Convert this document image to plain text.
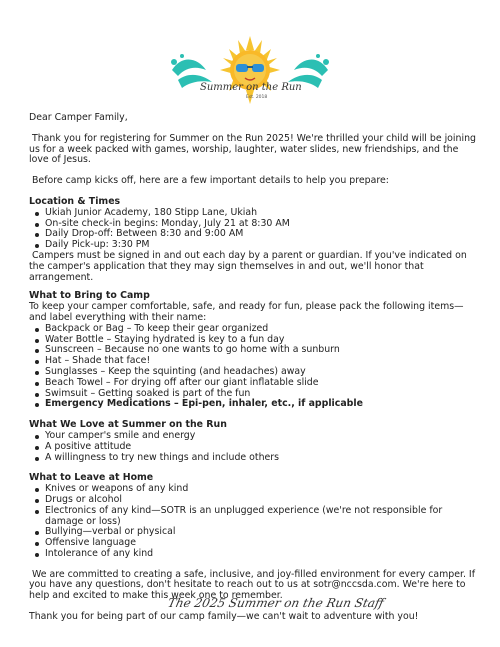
Summer on the Run
Est. 2018

Dear Camper Family,

Thank you for registering for Summer on the Run 2025! We're thrilled your child will be joining us for a week packed with games, worship, laughter, water slides, new friendships, and the love of Jesus.

Before camp kicks off, here are a few important details to help you prepare:

Location & Times

Ukiah Junior Academy, 180 Stipp Lane, Ukiah
On-site check-in begins: Monday, July 21 at 8:30 AM
Daily Drop-off: Between 8:30 and 9:00 AM
Daily Pick-up: 3:30 PM

Campers must be signed in and out each day by a parent or guardian. If you've indicated on the camper's application that they may sign themselves in and out, we'll honor that arrangement.

What to Bring to Camp

To keep your camper comfortable, safe, and ready for fun, please pack the following items—and label everything with their name:

Backpack or Bag – To keep their gear organized
Water Bottle – Staying hydrated is key to a fun day
Sunscreen – Because no one wants to go home with a sunburn
Hat – Shade that face!
Sunglasses – Keep the squinting (and headaches) away
Beach Towel – For drying off after our giant inflatable slide
Swimsuit – Getting soaked is part of the fun
Emergency Medications – Epi-pen, inhaler, etc., if applicable

What We Love at Summer on the Run

Your camper's smile and energy
A positive attitude
A willingness to try new things and include others

What to Leave at Home

Knives or weapons of any kind
Drugs or alcohol
Electronics of any kind—SOTR is an unplugged experience (we're not responsible for damage or loss)
Bullying—verbal or physical
Offensive language
Intolerance of any kind

We are committed to creating a safe, inclusive, and joy-filled environment for every camper. If you have any questions, don't hesitate to reach out to us at sotr@nccsda.com. We're here to help and excited to make this week one to remember.

Thank you for being part of our camp family—we can't wait to adventure with you!

The 2025 Summer on the Run Staff
